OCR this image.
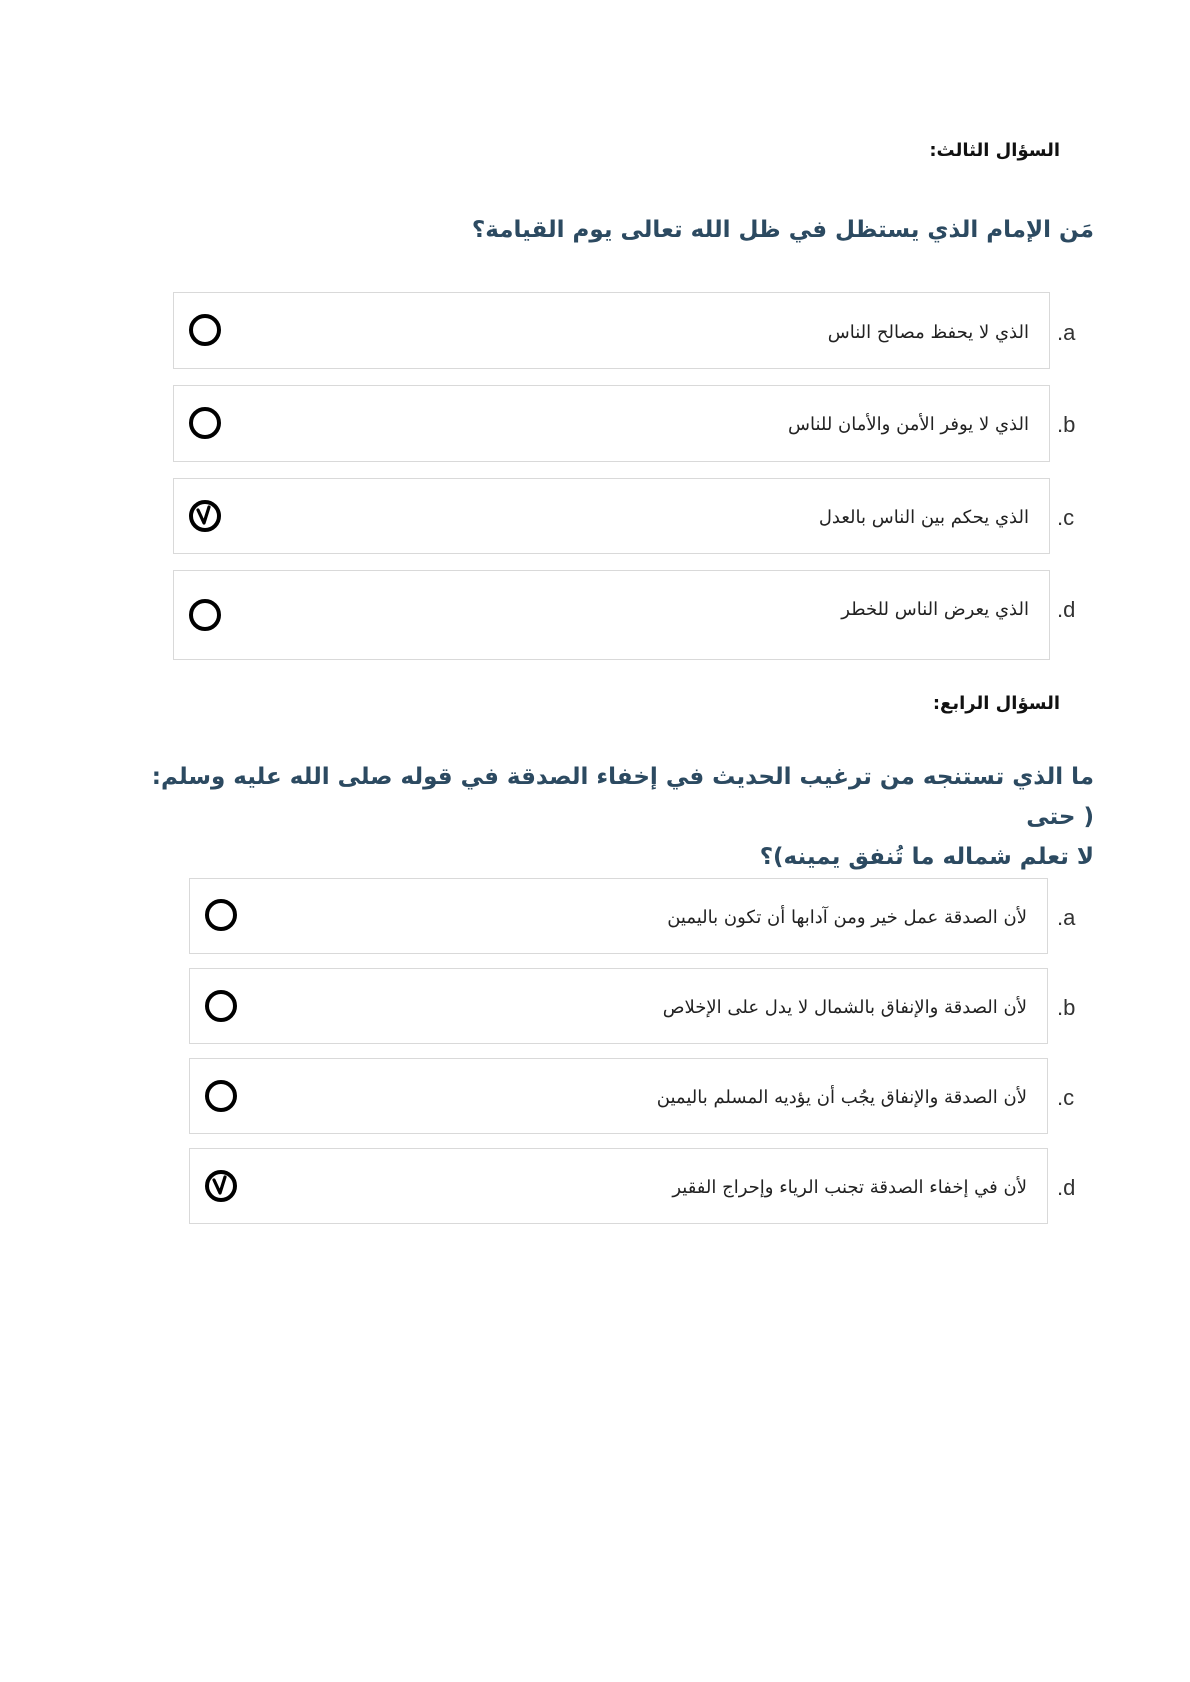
السؤال الثالث:
مَن الإمام الذي يستظل في ظل الله تعالى يوم القيامة؟
الذي لا يحفظ مصالح الناس .a
الذي لا يوفر الأمن والأمان للناس .b
الذي يحكم بين الناس بالعدل .c
الذي يعرض الناس للخطر .d
السؤال الرابع:
ما الذي تستنجه من ترغيب الحديث في إخفاء الصدقة في قوله صلى الله عليه وسلم: ( حتى
لا تعلم شماله ما تُنفق يمينه)؟
لأن الصدقة عمل خير ومن آدابها أن تكون باليمين .a
لأن الصدقة والإنفاق بالشمال لا يدل على الإخلاص .b
لأن الصدقة والإنفاق يجُب أن يؤديه المسلم باليمين .c
لأن في إخفاء الصدقة تجنب الرياء وإحراج الفقير .d
